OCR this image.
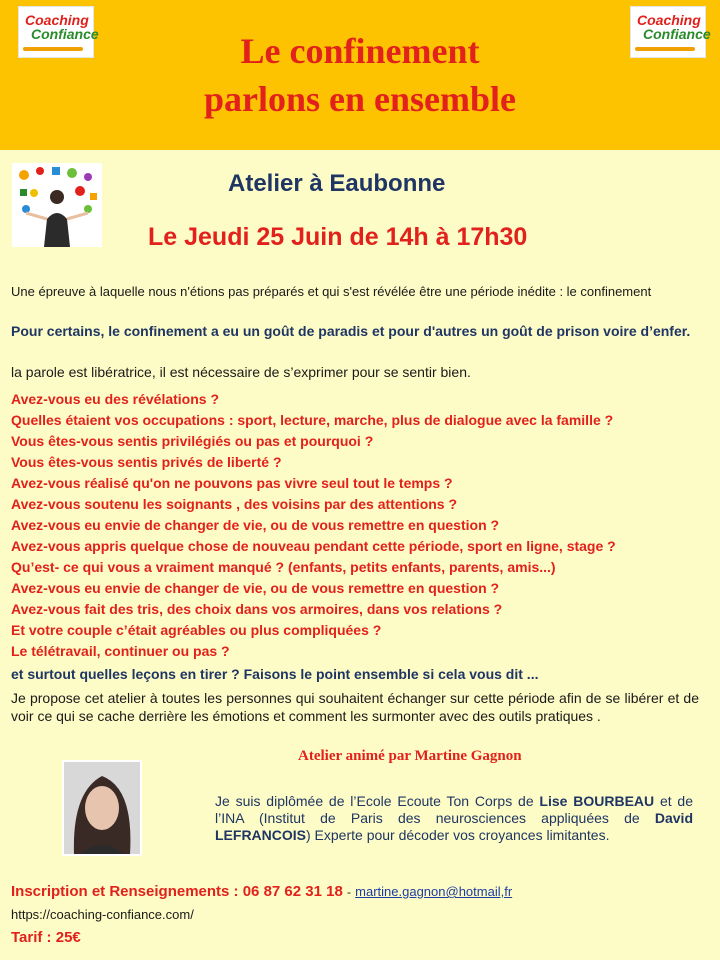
Coaching
Confiance
Coaching
Confiance
Le confinement
parlons en ensemble
Atelier à Eaubonne
Le Jeudi 25 Juin de 14h à 17h30
Une épreuve à laquelle nous n'étions pas préparés et qui s'est révélée être une période inédite : le confinement
Pour certains, le confinement a eu un goût de paradis et pour d'autres un goût de prison voire d’enfer.
la parole est libératrice, il est nécessaire de s’exprimer pour se sentir bien.
Avez-vous eu des révélations ?
Quelles étaient vos occupations : sport, lecture, marche, plus de dialogue avec la famille ?
Vous êtes-vous sentis privilégiés ou pas et pourquoi ?
Vous êtes-vous sentis privés de liberté ?
Avez-vous réalisé qu'on ne pouvons pas vivre seul tout le temps ?
Avez-vous soutenu les soignants , des voisins par des attentions ?
Avez-vous eu envie de changer de vie, ou de vous remettre en question ?
Avez-vous appris quelque chose de nouveau pendant cette période, sport en ligne, stage ?
Qu’est- ce qui vous a vraiment manqué ? (enfants, petits enfants, parents, amis...)
Avez-vous eu envie de changer de vie, ou de vous remettre en question ?
Avez-vous fait des tris, des choix dans vos armoires, dans vos relations ?
Et votre couple c’était agréables ou plus compliquées ?
Le télétravail, continuer ou pas ?
et surtout quelles leçons en tirer ? Faisons le point ensemble si cela vous dit ...
Je propose cet atelier à toutes les personnes qui souhaitent échanger sur cette période afin de se libérer et de voir ce qui se cache derrière les émotions et comment les surmonter avec des outils pratiques .
Atelier animé par Martine Gagnon
Je suis diplômée de l’Ecole Ecoute Ton Corps de Lise BOURBEAU et de l’INA (Institut de Paris des neurosciences appliquées de David LEFRANCOIS) Experte pour décoder vos croyances limitantes.
Inscription et Renseignements : 06 87 62 31 18 - martine.gagnon@hotmail,fr
https://coaching-confiance.com/
Tarif : 25€
